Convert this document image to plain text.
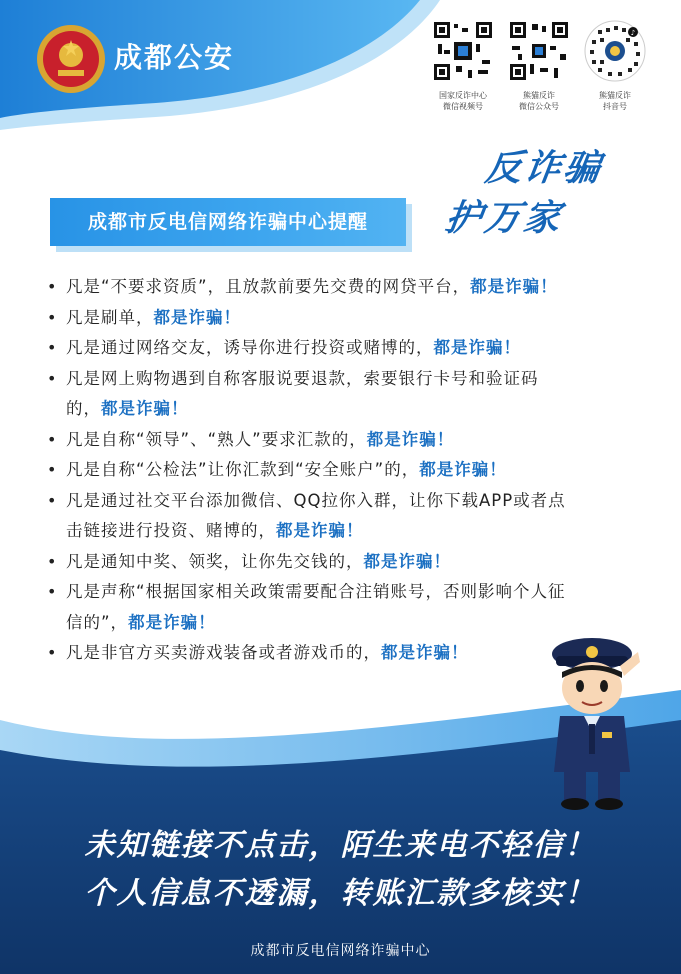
成都公安
国家反诈中心
微信视频号
熊猫反诈
微信公众号
♪
熊猫反诈
抖音号
反诈骗
护万家
成都市反电信网络诈骗中心提醒
• 凡是“不要求资质”，且放款前要先交费的网贷平台，都是诈骗！
• 凡是刷单，都是诈骗！
• 凡是通过网络交友，诱导你进行投资或赌博的，都是诈骗！
• 凡是网上购物遇到自称客服说要退款，索要银行卡号和验证码
的，都是诈骗！
• 凡是自称“领导”、“熟人”要求汇款的，都是诈骗！
• 凡是自称“公检法”让你汇款到“安全账户”的，都是诈骗！
• 凡是通过社交平台添加微信、QQ拉你入群，让你下载APP或者点
击链接进行投资、赌博的，都是诈骗！
• 凡是通知中奖、领奖，让你先交钱的，都是诈骗！
• 凡是声称“根据国家相关政策需要配合注销账号，否则影响个人征
信的”，都是诈骗！
• 凡是非官方买卖游戏装备或者游戏币的，都是诈骗！
未知链接不点击，陌生来电不轻信！
个人信息不透漏，转账汇款多核实！
成都市反电信网络诈骗中心
